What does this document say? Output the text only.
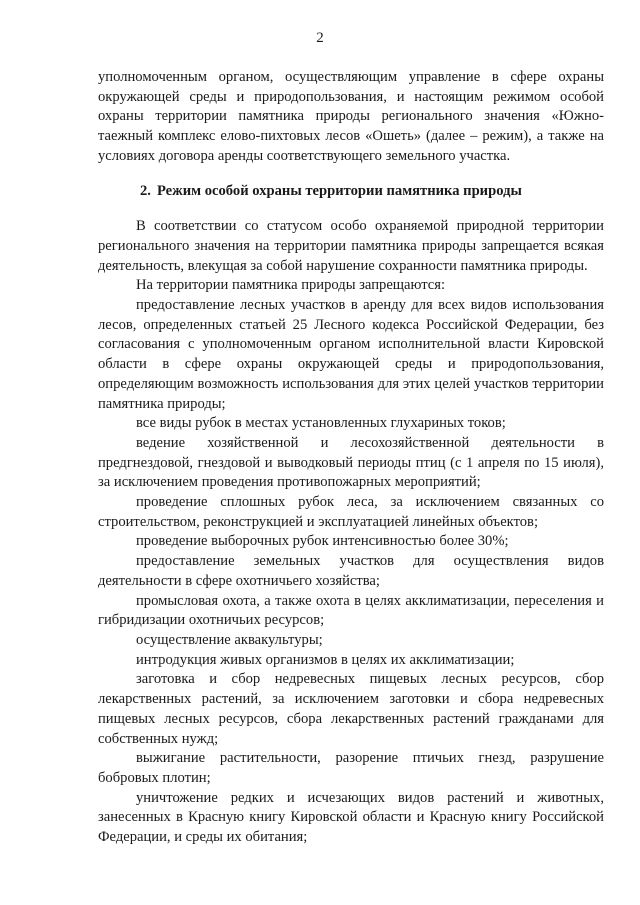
2

уполномоченным органом, осуществляющим управление в сфере охраны окружающей среды и природопользования, и настоящим режимом особой охраны территории памятника природы регионального значения «Южно-таежный комплекс елово-пихтовых лесов «Ошеть» (далее – режим), а также на условиях договора аренды соответствующего земельного участка.

2. Режим особой охраны территории памятника природы

В соответствии со статусом особо охраняемой природной территории регионального значения на территории памятника природы запрещается всякая деятельность, влекущая за собой нарушение сохранности памятника природы.

На территории памятника природы запрещаются:

предоставление лесных участков в аренду для всех видов использования лесов, определенных статьей 25 Лесного кодекса Российской Федерации, без согласования с уполномоченным органом исполнительной власти Кировской области в сфере охраны окружающей среды и природопользования, определяющим возможность использования для этих целей участков территории памятника природы;

все виды рубок в местах установленных глухариных токов;

ведение хозяйственной и лесохозяйственной деятельности в предгнездовой, гнездовой и выводковый периоды птиц (с 1 апреля по 15 июля), за исключением проведения противопожарных мероприятий;

проведение сплошных рубок леса, за исключением связанных со строительством, реконструкцией и эксплуатацией линейных объектов;

проведение выборочных рубок интенсивностью более 30%;

предоставление земельных участков для осуществления видов деятельности в сфере охотничьего хозяйства;

промысловая охота, а также охота в целях акклиматизации, переселения и гибридизации охотничьих ресурсов;

осуществление аквакультуры;

интродукция живых организмов в целях их акклиматизации;

заготовка и сбор недревесных пищевых лесных ресурсов, сбор лекарственных растений, за исключением заготовки и сбора недревесных пищевых лесных ресурсов, сбора лекарственных растений гражданами для собственных нужд;

выжигание растительности, разорение птичьих гнезд, разрушение бобровых плотин;

уничтожение редких и исчезающих видов растений и животных, занесенных в Красную книгу Кировской области и Красную книгу Российской Федерации, и среды их обитания;
